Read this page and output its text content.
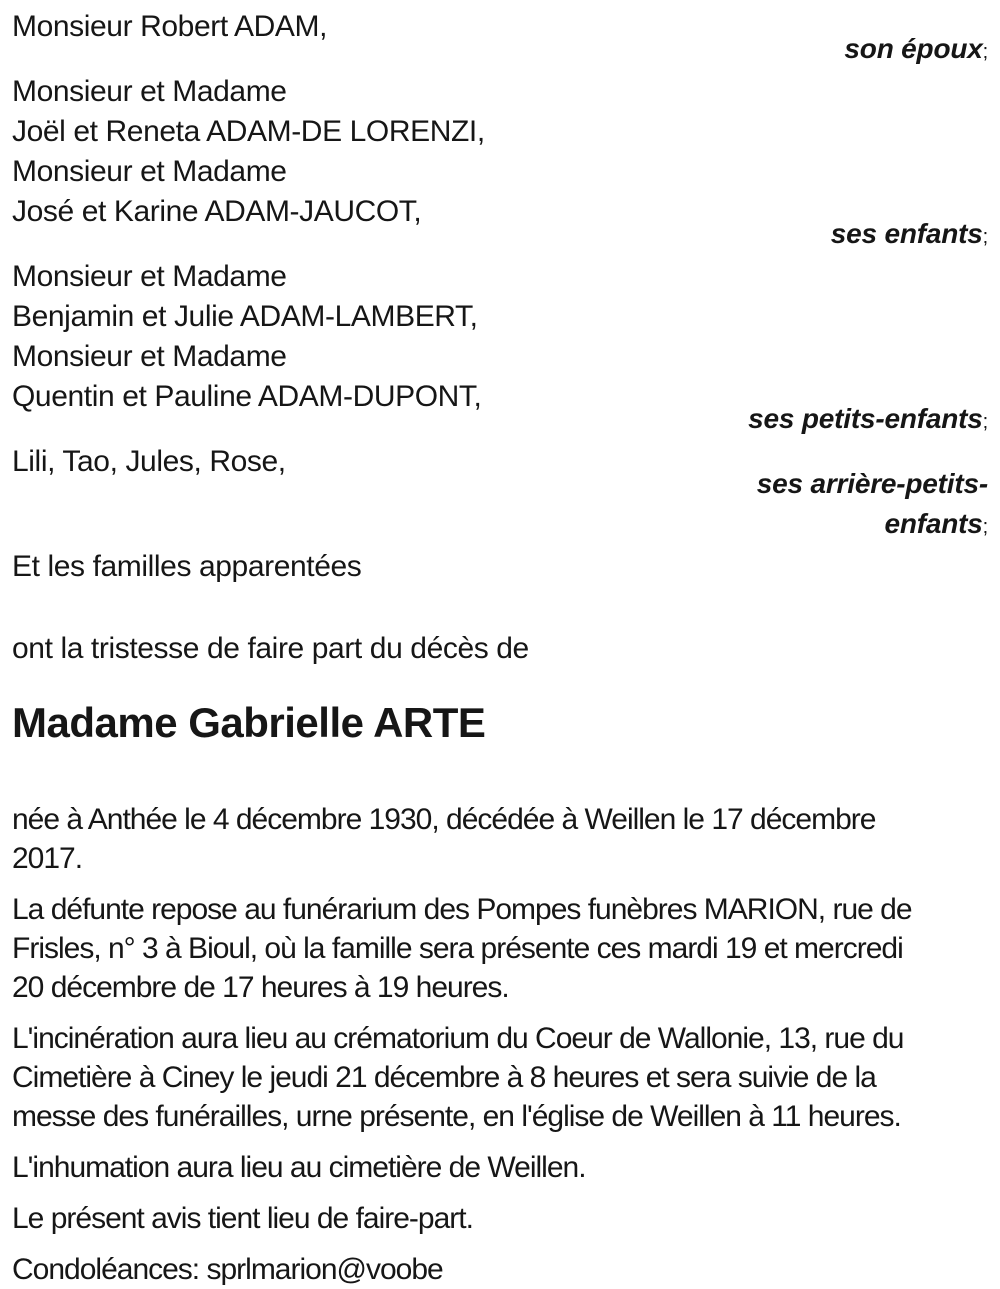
Monsieur Robert ADAM,
son époux;
Monsieur et Madame
Joël et Reneta ADAM-DE LORENZI,
Monsieur et Madame
José et Karine ADAM-JAUCOT,
ses enfants;
Monsieur et Madame
Benjamin et Julie ADAM-LAMBERT,
Monsieur et Madame
Quentin et Pauline ADAM-DUPONT,
ses petits-enfants;
Lili, Tao, Jules, Rose,
ses arrière-petits-
enfants;
Et les familles apparentées
ont la tristesse de faire part du décès de
Madame Gabrielle ARTE
née à Anthée le 4 décembre 1930, décédée à Weillen le 17 décembre
2017.
La défunte repose au funérarium des Pompes funèbres MARION, rue de
Frisles, n° 3 à Bioul, où la famille sera présente ces mardi 19 et mercredi
20 décembre de 17 heures à 19 heures.
L'incinération aura lieu au crématorium du Coeur de Wallonie, 13, rue du
Cimetière à Ciney le jeudi 21 décembre à 8 heures et sera suivie de la
messe des funérailles, urne présente, en l'église de Weillen à 11 heures.
L'inhumation aura lieu au cimetière de Weillen.
Le présent avis tient lieu de faire-part.
Condoléances: sprlmarion@voobe
